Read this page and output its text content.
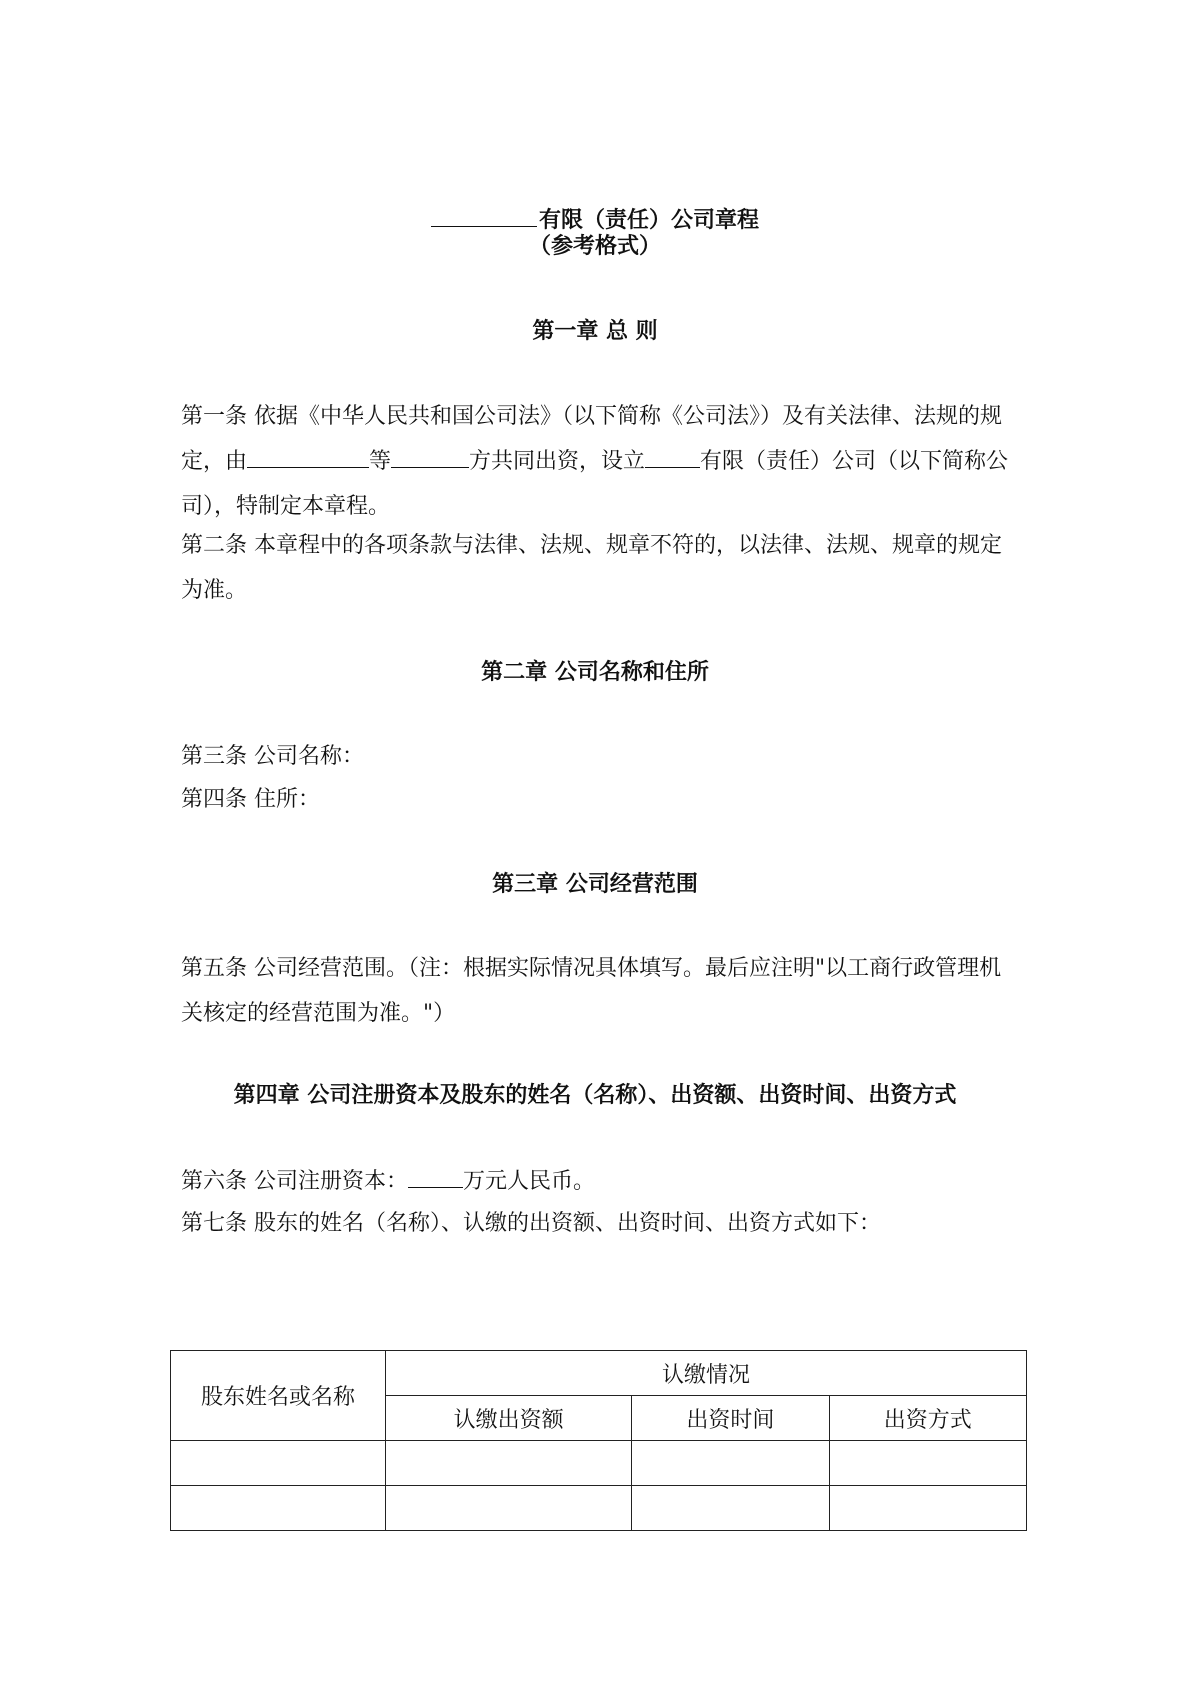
有限（责任）公司章程
（参考格式）
第一章 总 则

第一条 依据《中华人民共和国公司法》（以下简称《公司法》）及有关法律、法规的规定，由	等	方共同出资，设立	有限（责任）公司（以下简称公司），特制定本章程。

第二条 本章程中的各项条款与法律、法规、规章不符的，以法律、法规、规章的规定为准。

第二章 公司名称和住所

第三条 公司名称：

第四条 住所：

第三章 公司经营范围

第五条 公司经营范围。（注：根据实际情况具体填写。最后应注明"以工商行政管理机关核定的经营范围为准。"）

第四章 公司注册资本及股东的姓名（名称）、出资额、出资时间、出资方式

第六条 公司注册资本：	万元人民币。

第七条 股东的姓名（名称）、认缴的出资额、出资时间、出资方式如下：

股东姓名或名称	认缴情况		
	认缴出资额	出资时间	出资方式
